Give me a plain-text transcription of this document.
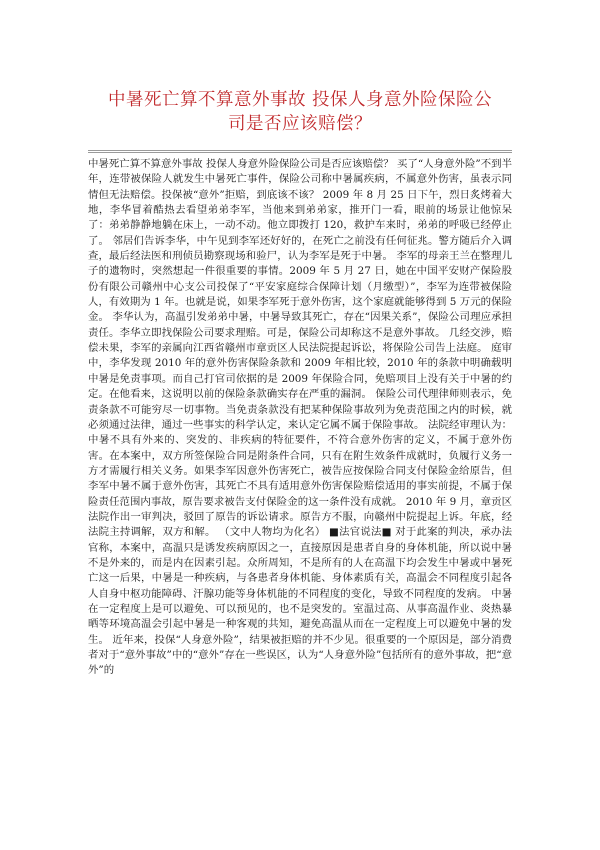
中暑死亡算不算意外事故 投保人身意外险保险公
司是否应该赔偿？

中暑死亡算不算意外事故 投保人身意外险保险公司是否应该赔偿？ 买了“人身意外险”不到半年，连带被保险人就发生中暑死亡事件，保险公司称中暑属疾病，不属意外伤害，虽表示同情但无法赔偿。投保被“意外”拒赔，到底该不该？ 2009 年 8 月 25 日下午，烈日炙烤着大地，李华冒着酷热去看望弟弟李军，当他来到弟弟家，推开门一看，眼前的场景让他惊呆了：弟弟静静地躺在床上，一动不动。他立即拨打 120，救护车来时，弟弟的呼吸已经停止了。 邻居们告诉李华，中午见到李军还好好的，在死亡之前没有任何征兆。警方随后介入调查，最后经法医和刑侦员勘察现场和验尸，认为李军是死于中暑。 李军的母亲王兰在整理儿子的遗物时，突然想起一件很重要的事情。2009 年 5 月 27 日，她在中国平安财产保险股份有限公司赣州中心支公司投保了“平安家庭综合保障计划（月缴型）”，李军为连带被保险人，有效期为 1 年。也就是说，如果李军死于意外伤害，这个家庭就能够得到 5 万元的保险金。 李华认为，高温引发弟弟中暑，中暑导致其死亡，存在“因果关系”，保险公司理应承担责任。李华立即找保险公司要求理赔。可是，保险公司却称这不是意外事故。 几经交涉，赔偿未果，李军的亲属向江西省赣州市章贡区人民法院提起诉讼，将保险公司告上法庭。 庭审中，李华发现 2010 年的意外伤害保险条款和 2009 年相比较，2010 年的条款中明确载明中暑是免责事项。而自己打官司依据的是 2009 年保险合同，免赔项目上没有关于中暑的约定。在他看来，这说明以前的保险条款确实存在严重的漏洞。 保险公司代理律师则表示，免责条款不可能穷尽一切事物。当免责条款没有把某种保险事故列为免责范围之内的时候，就必须通过法律，通过一些事实的科学认定，来认定它属不属于保险事故。 法院经审理认为：中暑不具有外来的、突发的、非疾病的特征要件，不符合意外伤害的定义，不属于意外伤害。在本案中，双方所签保险合同是附条件合同，只有在附生效条件成就时，负履行义务一方才需履行相关义务。如果李军因意外伤害死亡，被告应按保险合同支付保险金给原告，但李军中暑不属于意外伤害，其死亡不具有适用意外伤害保险赔偿适用的事实前提，不属于保险责任范围内事故，原告要求被告支付保险金的这一条件没有成就。 2010 年 9 月，章贡区法院作出一审判决，驳回了原告的诉讼请求。原告方不服，向赣州中院提起上诉。年底，经法院主持调解，双方和解。 （文中人物均为化名） ■法官说法■ 对于此案的判决，承办法官称，本案中，高温只是诱发疾病原因之一，直接原因是患者自身的身体机能，所以说中暑不是外来的，而是内在因素引起。众所周知，不是所有的人在高温下均会发生中暑或中暑死亡这一后果，中暑是一种疾病，与各患者身体机能、身体素质有关，高温会不同程度引起各人自身中枢功能障碍、汗腺功能等身体机能的不同程度的变化，导致不同程度的发病。 中暑在一定程度上是可以避免、可以预见的，也不是突发的。室温过高、从事高温作业、炎热暴晒等环境高温会引起中暑是一种客观的共知，避免高温从而在一定程度上可以避免中暑的发生。 近年来，投保“人身意外险”，结果被拒赔的并不少见。很重要的一个原因是，部分消费者对于“意外事故”中的“意外”存在一些误区，认为“人身意外险”包括所有的意外事故，把“意外”的
